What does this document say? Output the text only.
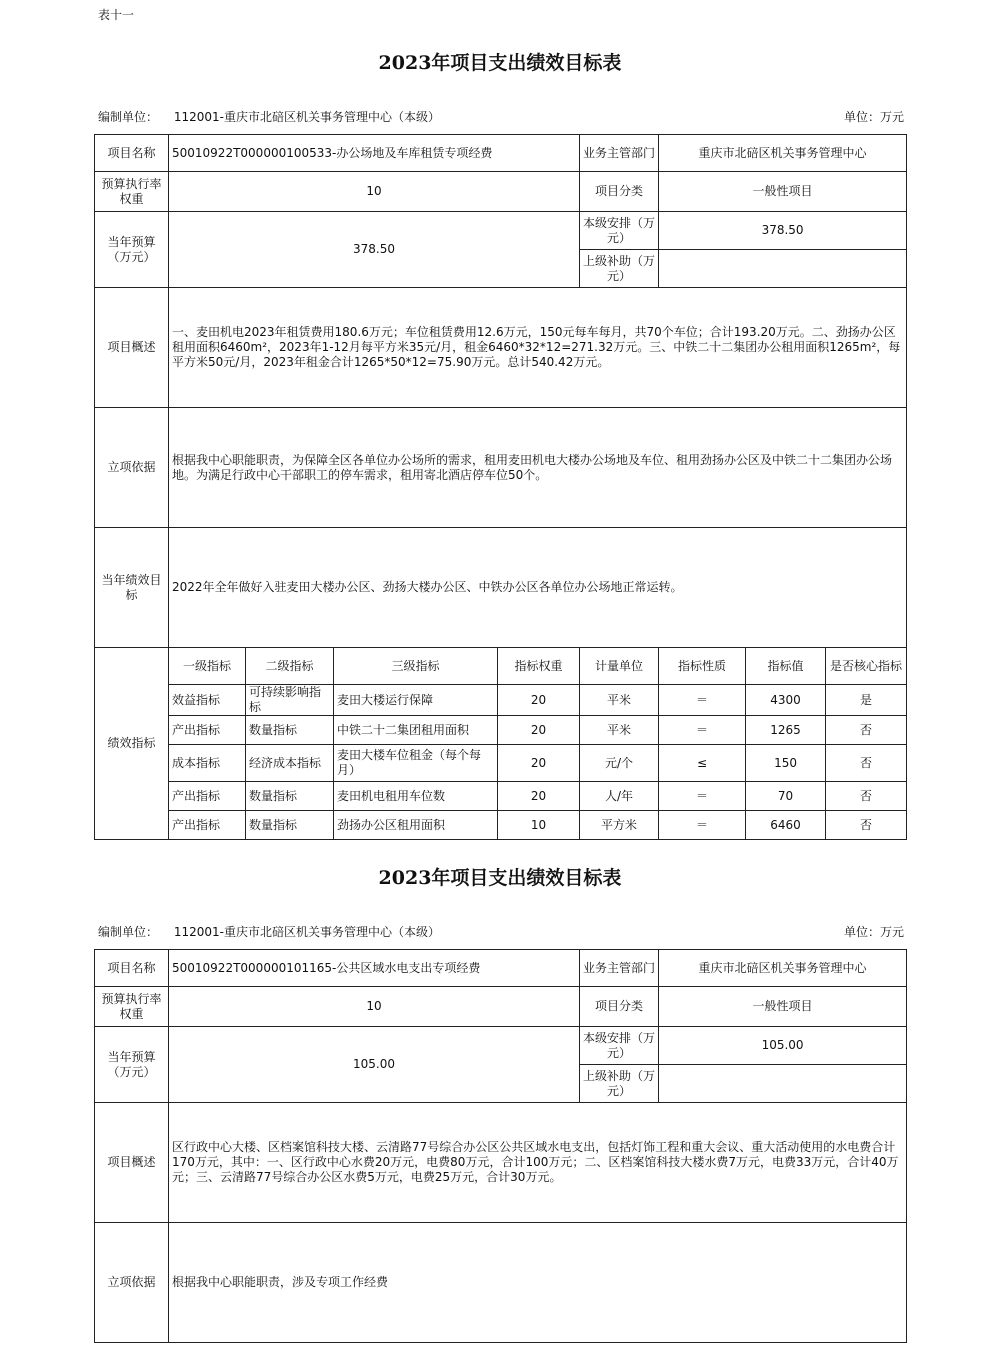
表十一
2023年项目支出绩效目标表
编制单位： 112001-重庆市北碚区机关事务管理中心（本级）	单位：万元
项目名称	50010922T000000100533-办公场地及车库租赁专项经费				业务主管部门	重庆市北碚区机关事务管理中心		
预算执行率权重	10				项目分类	一般性项目		
当年预算（万元）	378.50				本级安排（万元）	378.50		
					上级补助（万元）			
项目概述	一、麦田机电2023年租赁费用180.6万元；车位租赁费用12.6万元，150元每车每月，共70个车位；合计193.20万元。二、劲扬办公区租用面积6460m²，2023年1-12月每平方米35元/月，租金6460*32*12=271.32万元。三、中铁二十二集团办公租用面积1265m²，每平方米50元/月，2023年租金合计1265*50*12=75.90万元。总计540.42万元。							
立项依据	根据我中心职能职责，为保障全区各单位办公场所的需求，租用麦田机电大楼办公场地及车位、租用劲扬办公区及中铁二十二集团办公场地。为满足行政中心干部职工的停车需求，租用寄北酒店停车位50个。							
当年绩效目标	2022年全年做好入驻麦田大楼办公区、劲扬大楼办公区、中铁办公区各单位办公场地正常运转。							
绩效指标	一级指标	二级指标	三级指标	指标权重	计量单位	指标性质	指标值	是否核心指标
	效益指标	可持续影响指标	麦田大楼运行保障	20	平米	＝	4300	是
	产出指标	数量指标	中铁二十二集团租用面积	20	平米	＝	1265	否
	成本指标	经济成本指标	麦田大楼车位租金（每个每月）	20	元/个	≤	150	否
	产出指标	数量指标	麦田机电租用车位数	20	人/年	＝	70	否
	产出指标	数量指标	劲扬办公区租用面积	10	平方米	＝	6460	否
2023年项目支出绩效目标表
编制单位： 112001-重庆市北碚区机关事务管理中心（本级）	单位：万元
项目名称	50010922T000000101165-公共区域水电支出专项经费	业务主管部门	重庆市北碚区机关事务管理中心
预算执行率权重	10	项目分类	一般性项目
当年预算（万元）	105.00	本级安排（万元）	105.00
		上级补助（万元）	
项目概述	区行政中心大楼、区档案馆科技大楼、云清路77号综合办公区公共区域水电支出，包括灯饰工程和重大会议、重大活动使用的水电费合计170万元，其中：一、区行政中心水费20万元，电费80万元，合计100万元；二、区档案馆科技大楼水费7万元，电费33万元，合计40万元；三、云清路77号综合办公区水费5万元，电费25万元，合计30万元。		
立项依据	根据我中心职能职责，涉及专项工作经费		
